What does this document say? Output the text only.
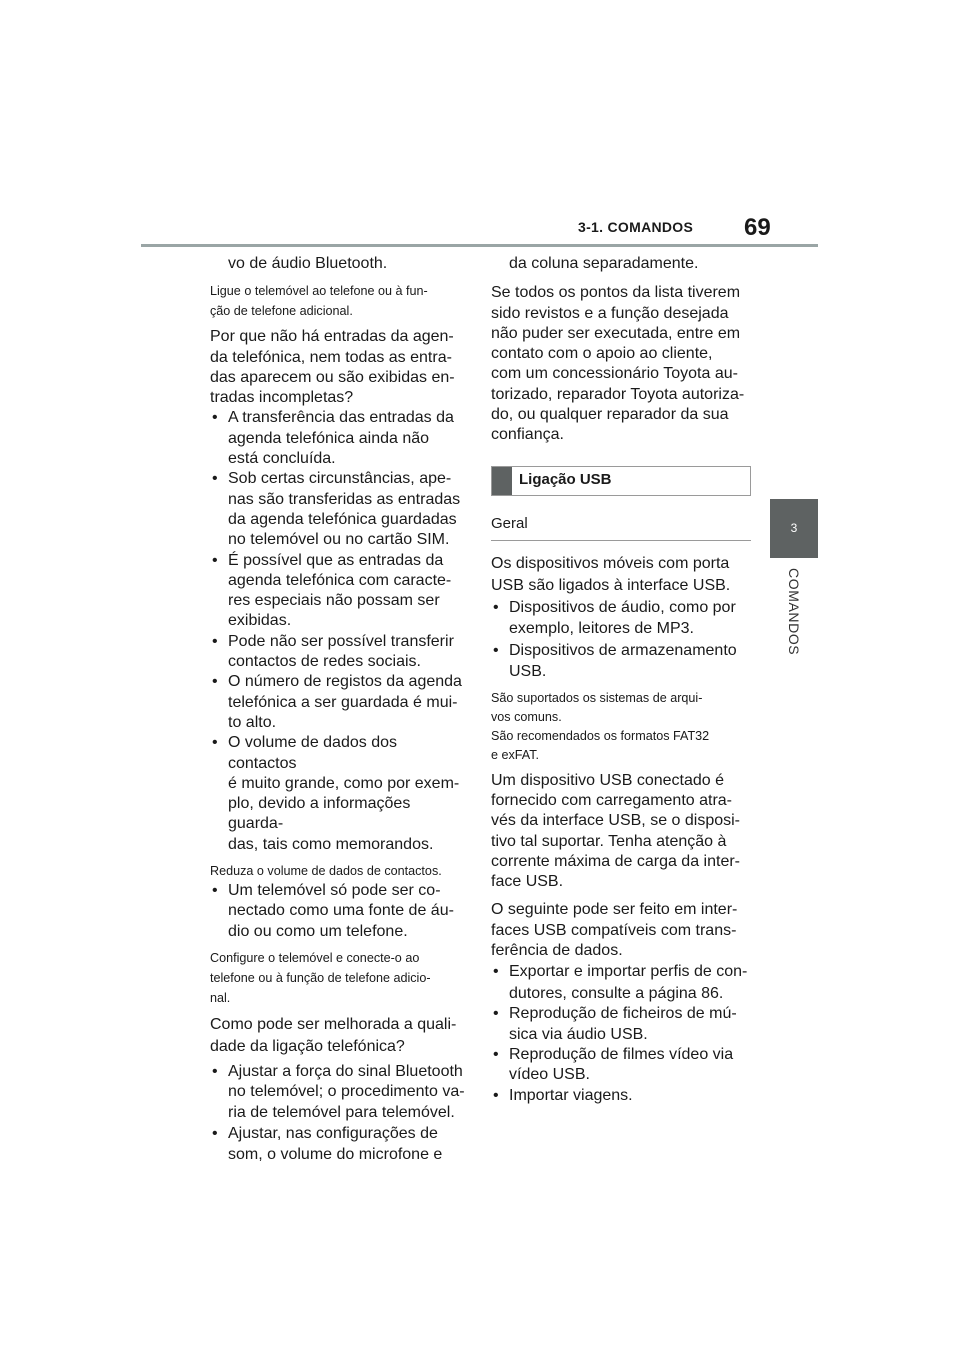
3-1. COMANDOS 69
3
COMANDOS

vo de áudio Bluetooth.

Ligue o telemóvel ao telefone ou à fun-
ção de telefone adicional.
Por que não há entradas da agen-
da telefónica, nem todas as entra-
das aparecem ou são exibidas en-
tradas incompletas?
• A transferência das entradas da
agenda telefónica ainda não
está concluída.
• Sob certas circunstâncias, ape-
nas são transferidas as entradas
da agenda telefónica guardadas
no telemóvel ou no cartão SIM.
• É possível que as entradas da
agenda telefónica com caracte-
res especiais não possam ser
exibidas.
• Pode não ser possível transferir
contactos de redes sociais.
• O número de registos da agenda
telefónica a ser guardada é mui-
to alto.
• O volume de dados dos contactos
é muito grande, como por exem-
plo, devido a informações guarda-
das, tais como memorandos.
Reduza o volume de dados de contactos.
• Um telemóvel só pode ser co-
nectado como uma fonte de áu-
dio ou como um telefone.
Configure o telemóvel e conecte-o ao
telefone ou à função de telefone adicio-
nal.
Como pode ser melhorada a quali-
dade da ligação telefónica?
• Ajustar a força do sinal Bluetooth
no telemóvel; o procedimento va-
ria de telemóvel para telemóvel.
• Ajustar, nas configurações de
som, o volume do microfone e

da coluna separadamente.

Se todos os pontos da lista tiverem
sido revistos e a função desejada
não puder ser executada, entre em
contato com o apoio ao cliente,
com um concessionário Toyota au-
torizado, reparador Toyota autoriza-
do, ou qualquer reparador da sua
confiança.
Ligação USB
Geral
Os dispositivos móveis com porta
USB são ligados à interface USB.
• Dispositivos de áudio, como por
exemplo, leitores de MP3.
• Dispositivos de armazenamento
USB.
São suportados os sistemas de arqui-
vos comuns.
São recomendados os formatos FAT32
e exFAT.
Um dispositivo USB conectado é
fornecido com carregamento atra-
vés da interface USB, se o disposi-
tivo tal suportar. Tenha atenção à
corrente máxima de carga da inter-
face USB.
O seguinte pode ser feito em inter-
faces USB compatíveis com trans-
ferência de dados.
• Exportar e importar perfis de con-
dutores, consulte a página 86.
• Reprodução de ficheiros de mú-
sica via áudio USB.
• Reprodução de filmes vídeo via
vídeo USB.
• Importar viagens.
